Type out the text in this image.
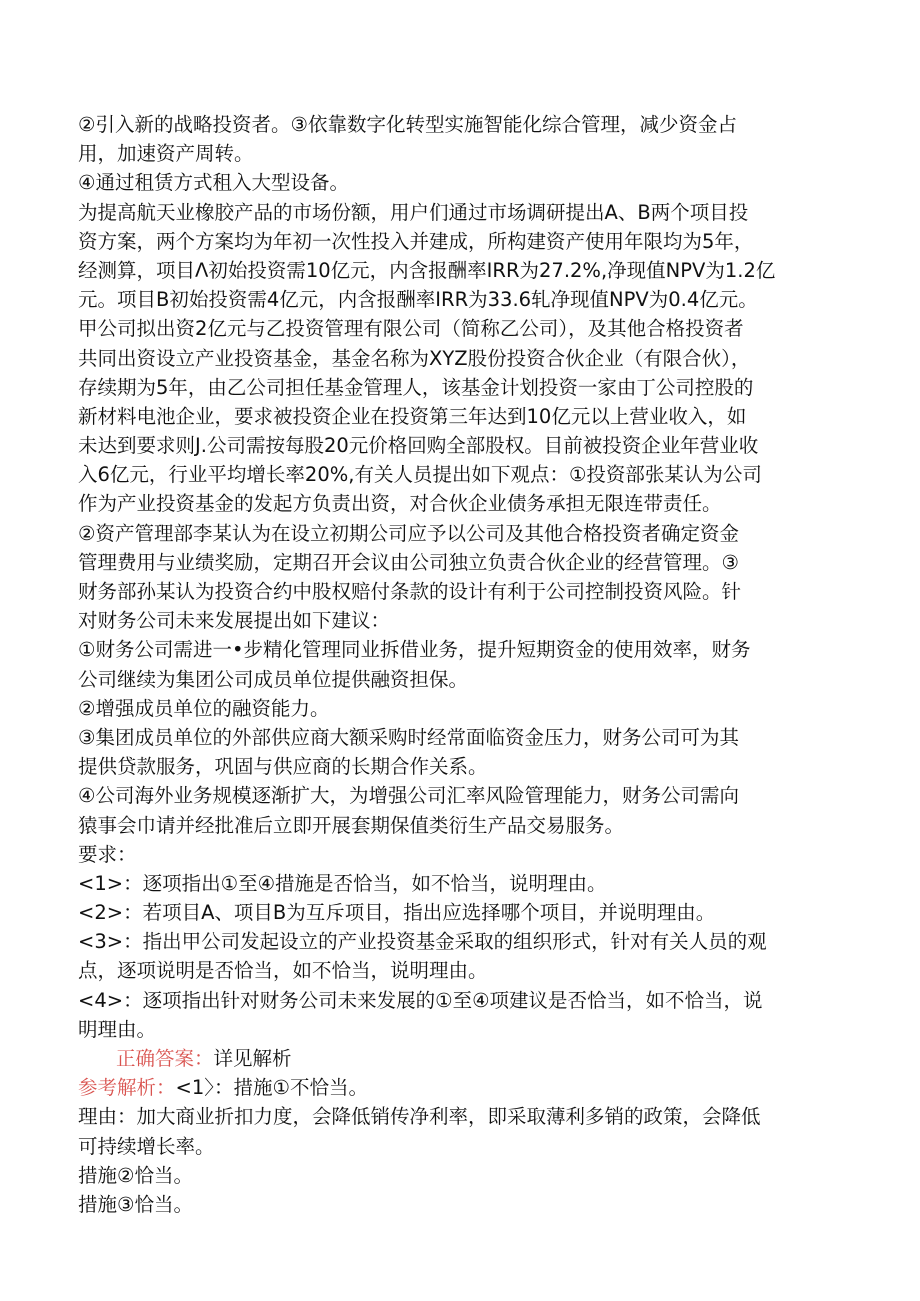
②引入新的战略投资者。③依靠数字化转型实施智能化综合管理，减少资金占
用，加速资产周转。
④通过租赁方式租入大型设备。
为提高航天业橡胶产品的市场份额，用户们通过市场调研提出A、B两个项目投
资方案，两个方案均为年初一次性投入并建成，所构建资产使用年限均为5年，
经测算，项目Λ初始投资需10亿元，内含报酬率IRR为27.2%,净现值NPV为1.2亿
元。项目B初始投资需4亿元，内含报酬率IRR为33.6轧净现值NPV为0.4亿元。
甲公司拟出资2亿元与乙投资管理有限公司（简称乙公司），及其他合格投资者
共同出资设立产业投资基金，基金名称为XYZ股份投资合伙企业（有限合伙），
存续期为5年，由乙公司担任基金管理人，该基金计划投资一家由丁公司控股的
新材料电池企业，要求被投资企业在投资第三年达到10亿元以上营业收入，如
未达到要求则J.公司需按每股20元价格回购全部股权。目前被投资企业年营业收
入6亿元，行业平均增长率20%,有关人员提出如下观点：①投资部张某认为公司
作为产业投资基金的发起方负责出资，对合伙企业债务承担无限连带责任。
②资产管理部李某认为在设立初期公司应予以公司及其他合格投资者确定资金
管理费用与业绩奖励，定期召开会议由公司独立负责合伙企业的经营管理。③
财务部孙某认为投资合约中股权赔付条款的设计有利于公司控制投资风险。针
对财务公司未来发展提出如下建议：
①财务公司需进一•步精化管理同业拆借业务，提升短期资金的使用效率，财务
公司继续为集团公司成员单位提供融资担保。
②增强成员单位的融资能力。
③集团成员单位的外部供应商大额采购时经常面临资金压力，财务公司可为其
提供贷款服务，巩固与供应商的长期合作关系。
④公司海外业务规模逐渐扩大，为增强公司汇率风险管理能力，财务公司需向
猿事会巾请并经批准后立即开展套期保值类衍生产品交易服务。
要求：
<1>：逐项指出①至④措施是否恰当，如不恰当，说明理由。
<2>：若项目A、项目B为互斥项目，指出应选择哪个项目，并说明理由。
<3>：指出甲公司发起设立的产业投资基金采取的组织形式，针对有关人员的观
点，逐项说明是否恰当，如不恰当，说明理由。
<4>：逐项指出针对财务公司未来发展的①至④项建议是否恰当，如不恰当，说
明理由。
正确答案：详见解析
参考解析：<1〉：措施①不恰当。
理由：加大商业折扣力度，会降低销传净利率，即采取薄利多销的政策，会降低
可持续增长率。
措施②恰当。
措施③恰当。
